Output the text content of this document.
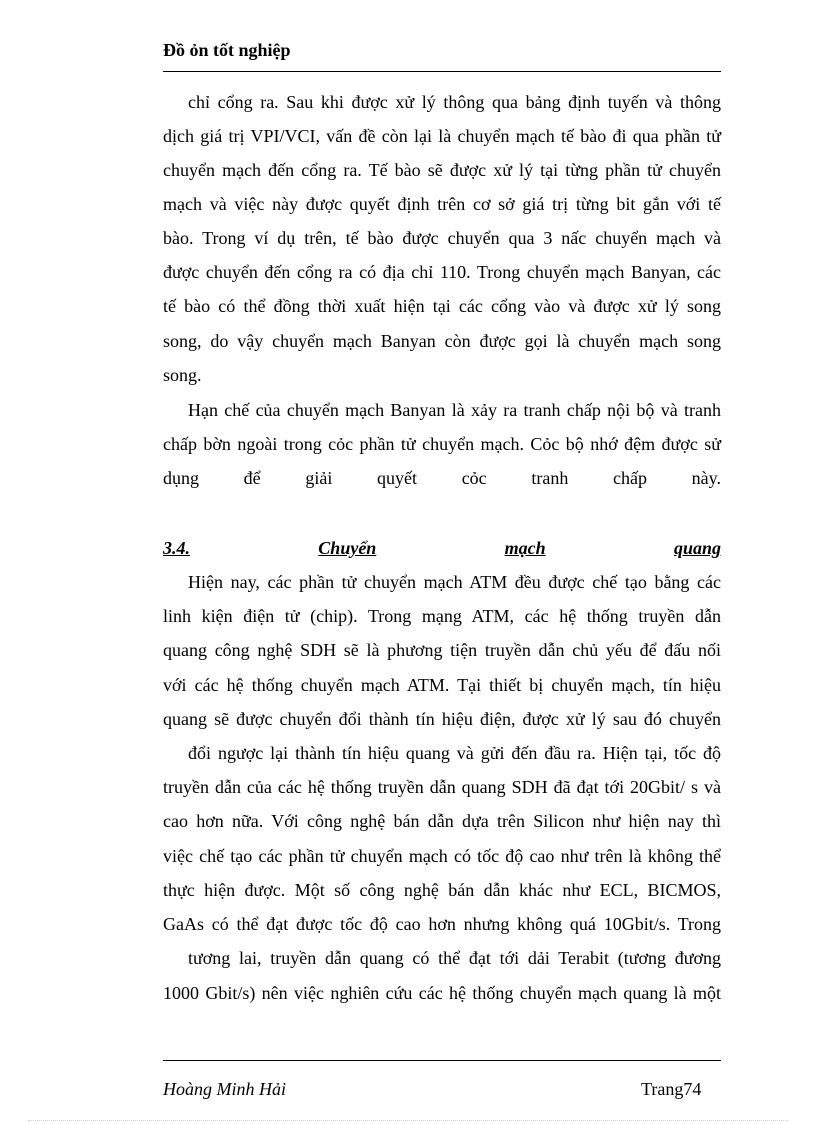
Đồ ỏn tốt nghiệp
chỉ cổng ra. Sau khi được xử lý thông qua bảng định tuyến và thông
dịch giá trị VPI/VCI, vấn đề còn lại là chuyển mạch tế bào đi qua phần tử
chuyển mạch đến cổng ra. Tế bào sẽ được xử lý tại từng phần tử chuyển
mạch và việc này được quyết định trên cơ sở giá trị từng bit gắn với tế
bào. Trong ví dụ trên, tế bào được chuyển qua 3 nấc chuyển mạch và
được chuyển đến cổng ra có địa chỉ 110. Trong chuyển mạch Banyan, các
tế bào có thể đồng thời xuất hiện tại các cổng vào và được xử lý song
song, do vậy chuyển mạch Banyan còn được gọi là chuyển mạch song
song.
Hạn chế của chuyển mạch Banyan là xảy ra tranh chấp nội bộ và tranh
chấp bờn ngoài trong cỏc phần tử chuyển mạch. Cỏc bộ nhớ đệm được sử
dụng để giải quyết cỏc tranh chấp này.
3.4.	Chuyển	mạch	quang
Hiện nay, các phần tử chuyển mạch ATM đều được chế tạo bằng các
linh kiện điện tử (chip). Trong mạng ATM, các hệ thống truyền dẫn
quang công nghệ SDH sẽ là phương tiện truyền dẫn chủ yếu để đấu nối
với các hệ thống chuyển mạch ATM. Tại thiết bị chuyển mạch, tín hiệu
quang sẽ được chuyển đổi thành tín hiệu điện, được xử lý sau đó chuyển
đổi ngược lại thành tín hiệu quang và gửi đến đầu ra. Hiện tại, tốc độ
truyền dẫn của các hệ thống truyền dẫn quang SDH đã đạt tới 20Gbit/ s và
cao hơn nữa. Với công nghệ bán dẫn dựa trên Silicon như hiện nay thì
việc chế tạo các phần tử chuyển mạch có tốc độ cao như trên là không thể
thực hiện được. Một số công nghệ bán dẫn khác như ECL, BICMOS,
GaAs có thể đạt được tốc độ cao hơn nhưng không quá 10Gbit/s. Trong
tương lai, truyền dẫn quang có thể đạt tới dải Terabit (tương đương
1000 Gbit/s) nên việc nghiên cứu các hệ thống chuyển mạch quang là một
Hoàng Minh Hải	Trang74
